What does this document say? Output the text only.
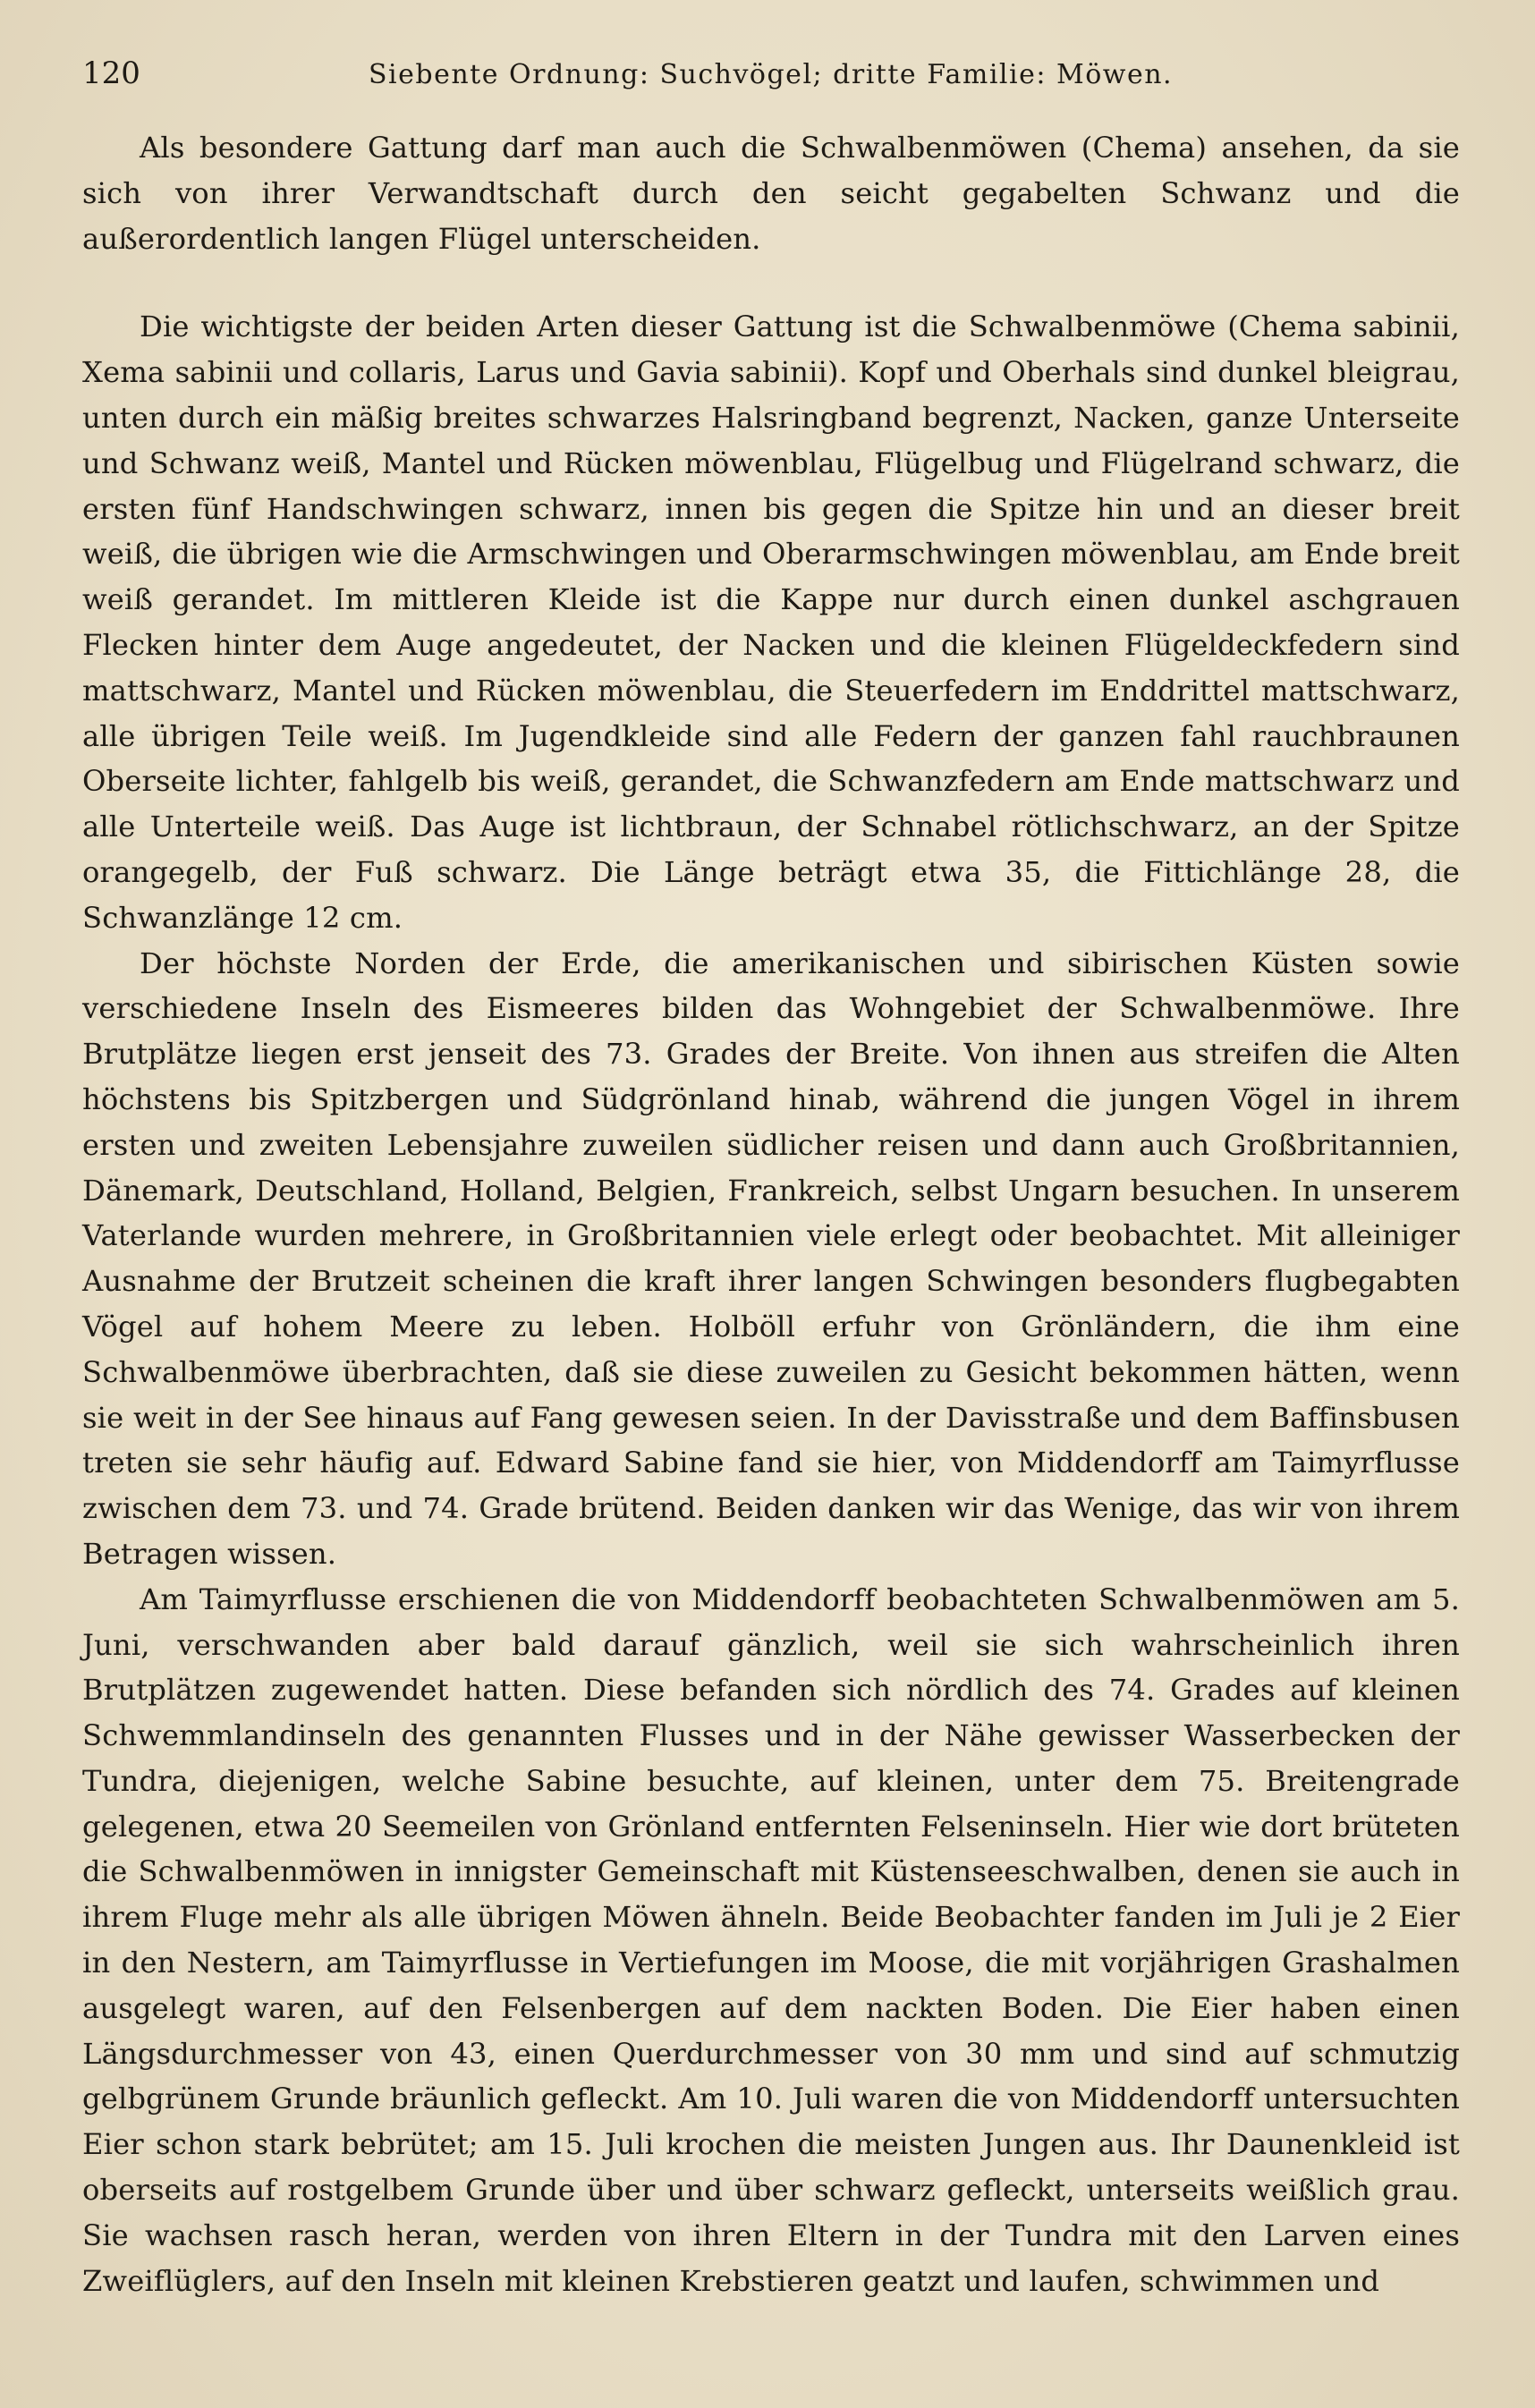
120	Siebente Ordnung: Suchvögel; dritte Familie: Möwen.

Als besondere Gattung darf man auch die Schwalbenmöwen (Chema) ansehen, da sie sich von ihrer Verwandtschaft durch den seicht gegabelten Schwanz und die außerordentlich langen Flügel unterscheiden.

Die wichtigste der beiden Arten dieser Gattung ist die Schwalbenmöwe (Chema sabinii, Xema sabinii und collaris, Larus und Gavia sabinii). Kopf und Oberhals sind dunkel bleigrau, unten durch ein mäßig breites schwarzes Halsringband begrenzt, Nacken, ganze Unterseite und Schwanz weiß, Mantel und Rücken möwenblau, Flügelbug und Flügelrand schwarz, die ersten fünf Handschwingen schwarz, innen bis gegen die Spitze hin und an dieser breit weiß, die übrigen wie die Armschwingen und Oberarmschwingen möwenblau, am Ende breit weiß gerandet. Im mittleren Kleide ist die Kappe nur durch einen dunkel aschgrauen Flecken hinter dem Auge angedeutet, der Nacken und die kleinen Flügeldeckfedern sind mattschwarz, Mantel und Rücken möwenblau, die Steuerfedern im Enddrittel mattschwarz, alle übrigen Teile weiß. Im Jugendkleide sind alle Federn der ganzen fahl rauchbraunen Oberseite lichter, fahlgelb bis weiß, gerandet, die Schwanzfedern am Ende mattschwarz und alle Unterteile weiß. Das Auge ist lichtbraun, der Schnabel rötlichschwarz, an der Spitze orangegelb, der Fuß schwarz. Die Länge beträgt etwa 35, die Fittichlänge 28, die Schwanzlänge 12 cm.

Der höchste Norden der Erde, die amerikanischen und sibirischen Küsten sowie verschiedene Inseln des Eismeeres bilden das Wohngebiet der Schwalbenmöwe. Ihre Brutplätze liegen erst jenseit des 73. Grades der Breite. Von ihnen aus streifen die Alten höchstens bis Spitzbergen und Südgrönland hinab, während die jungen Vögel in ihrem ersten und zweiten Lebensjahre zuweilen südlicher reisen und dann auch Großbritannien, Dänemark, Deutschland, Holland, Belgien, Frankreich, selbst Ungarn besuchen. In unserem Vaterlande wurden mehrere, in Großbritannien viele erlegt oder beobachtet. Mit alleiniger Ausnahme der Brutzeit scheinen die kraft ihrer langen Schwingen besonders flugbegabten Vögel auf hohem Meere zu leben. Holböll erfuhr von Grönländern, die ihm eine Schwalbenmöwe überbrachten, daß sie diese zuweilen zu Gesicht bekommen hätten, wenn sie weit in der See hinaus auf Fang gewesen seien. In der Davisstraße und dem Baffinsbusen treten sie sehr häufig auf. Edward Sabine fand sie hier, von Middendorff am Taimyrflusse zwischen dem 73. und 74. Grade brütend. Beiden danken wir das Wenige, das wir von ihrem Betragen wissen.

Am Taimyrflusse erschienen die von Middendorff beobachteten Schwalbenmöwen am 5. Juni, verschwanden aber bald darauf gänzlich, weil sie sich wahrscheinlich ihren Brutplätzen zugewendet hatten. Diese befanden sich nördlich des 74. Grades auf kleinen Schwemmlandinseln des genannten Flusses und in der Nähe gewisser Wasserbecken der Tundra, diejenigen, welche Sabine besuchte, auf kleinen, unter dem 75. Breitengrade gelegenen, etwa 20 Seemeilen von Grönland entfernten Felseninseln. Hier wie dort brüteten die Schwalbenmöwen in innigster Gemeinschaft mit Küstenseeschwalben, denen sie auch in ihrem Fluge mehr als alle übrigen Möwen ähneln. Beide Beobachter fanden im Juli je 2 Eier in den Nestern, am Taimyrflusse in Vertiefungen im Moose, die mit vorjährigen Grashalmen ausgelegt waren, auf den Felsenbergen auf dem nackten Boden. Die Eier haben einen Längsdurchmesser von 43, einen Querdurchmesser von 30 mm und sind auf schmutzig gelbgrünem Grunde bräunlich gefleckt. Am 10. Juli waren die von Middendorff untersuchten Eier schon stark bebrütet; am 15. Juli krochen die meisten Jungen aus. Ihr Daunenkleid ist oberseits auf rostgelbem Grunde über und über schwarz gefleckt, unterseits weißlich grau. Sie wachsen rasch heran, werden von ihren Eltern in der Tundra mit den Larven eines Zweiflüglers, auf den Inseln mit kleinen Krebstieren geatzt und laufen, schwimmen und
